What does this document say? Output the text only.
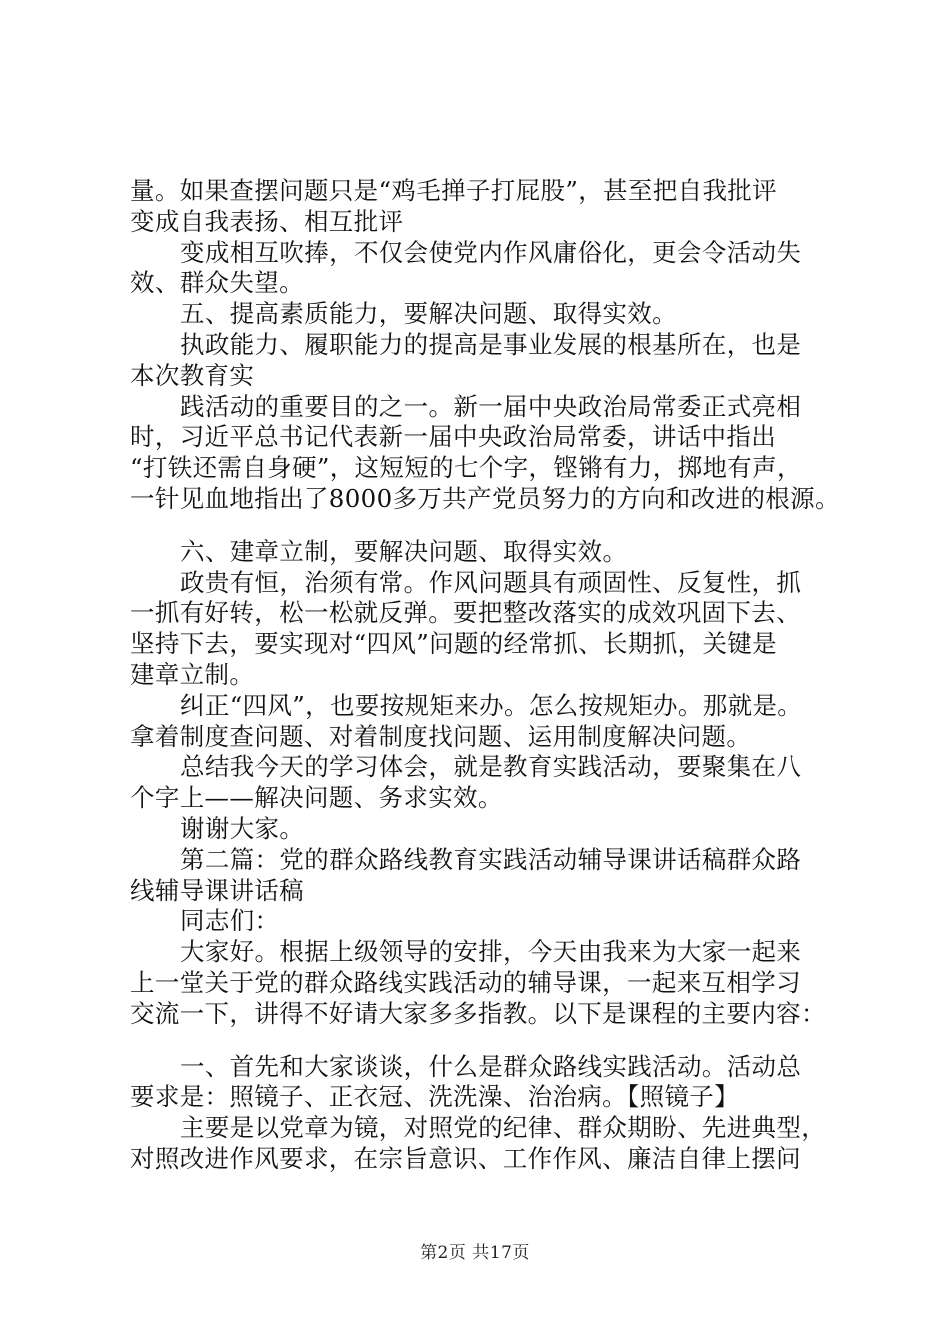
量。如果查摆问题只是“鸡毛掸子打屁股”，甚至把自我批评
变成自我表扬、相互批评
变成相互吹捧，不仅会使党内作风庸俗化，更会令活动失
效、群众失望。
五、提高素质能力，要解决问题、取得实效。
执政能力、履职能力的提高是事业发展的根基所在，也是
本次教育实
践活动的重要目的之一。新一届中央政治局常委正式亮相
时，习近平总书记代表新一届中央政治局常委，讲话中指出
“打铁还需自身硬”，这短短的七个字，铿锵有力，掷地有声，
一针见血地指出了8000多万共产党员努力的方向和改进的根源。
六、建章立制，要解决问题、取得实效。
政贵有恒，治须有常。作风问题具有顽固性、反复性，抓
一抓有好转，松一松就反弹。要把整改落实的成效巩固下去、
坚持下去，要实现对“四风”问题的经常抓、长期抓，关键是
建章立制。
纠正“四风”，也要按规矩来办。怎么按规矩办。那就是。
拿着制度查问题、对着制度找问题、运用制度解决问题。
总结我今天的学习体会，就是教育实践活动，要聚集在八
个字上——解决问题、务求实效。
谢谢大家。
第二篇：党的群众路线教育实践活动辅导课讲话稿群众路
线辅导课讲话稿
同志们：
大家好。根据上级领导的安排，今天由我来为大家一起来
上一堂关于党的群众路线实践活动的辅导课，一起来互相学习
交流一下，讲得不好请大家多多指教。以下是课程的主要内容：
一、首先和大家谈谈，什么是群众路线实践活动。活动总
要求是：照镜子、正衣冠、洗洗澡、治治病。【照镜子】
主要是以党章为镜，对照党的纪律、群众期盼、先进典型，
对照改进作风要求，在宗旨意识、工作作风、廉洁自律上摆问
第2页 共17页
